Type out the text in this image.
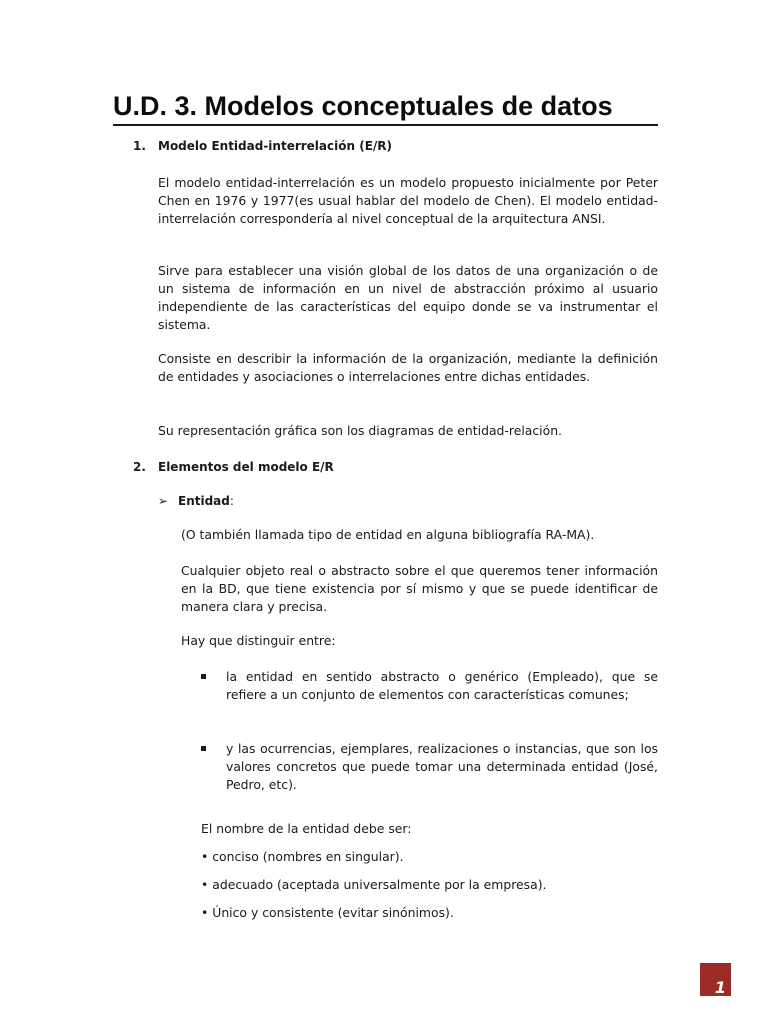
U.D. 3. Modelos conceptuales de datos
1. Modelo Entidad-interrelación (E/R)

El modelo entidad-interrelación es un modelo propuesto inicialmente por Peter Chen en 1976 y 1977(es usual hablar del modelo de Chen). El modelo entidad-interrelación correspondería al nivel conceptual de la arquitectura ANSI.

Sirve para establecer una visión global de los datos de una organización o de un sistema de información en un nivel de abstracción próximo al usuario independiente de las características del equipo donde se va instrumentar el sistema.

Consiste en describir la información de la organización, mediante la definición de entidades y asociaciones o interrelaciones entre dichas entidades.

Su representación gráfica son los diagramas de entidad-relación.

2. Elementos del modelo E/R
➢ Entidad:

(O también llamada tipo de entidad en alguna bibliografía RA-MA).

Cualquier objeto real o abstracto sobre el que queremos tener información en la BD, que tiene existencia por sí mismo y que se puede identificar de manera clara y precisa.

Hay que distinguir entre:

la entidad en sentido abstracto o genérico (Empleado), que se refiere a un conjunto de elementos con características comunes;
y las ocurrencias, ejemplares, realizaciones o instancias, que son los valores concretos que puede tomar una determinada entidad (José, Pedro, etc).
El nombre de la entidad debe ser:
• conciso (nombres en singular).
• adecuado (aceptada universalmente por la empresa).
• Único y consistente (evitar sinónimos).
1
